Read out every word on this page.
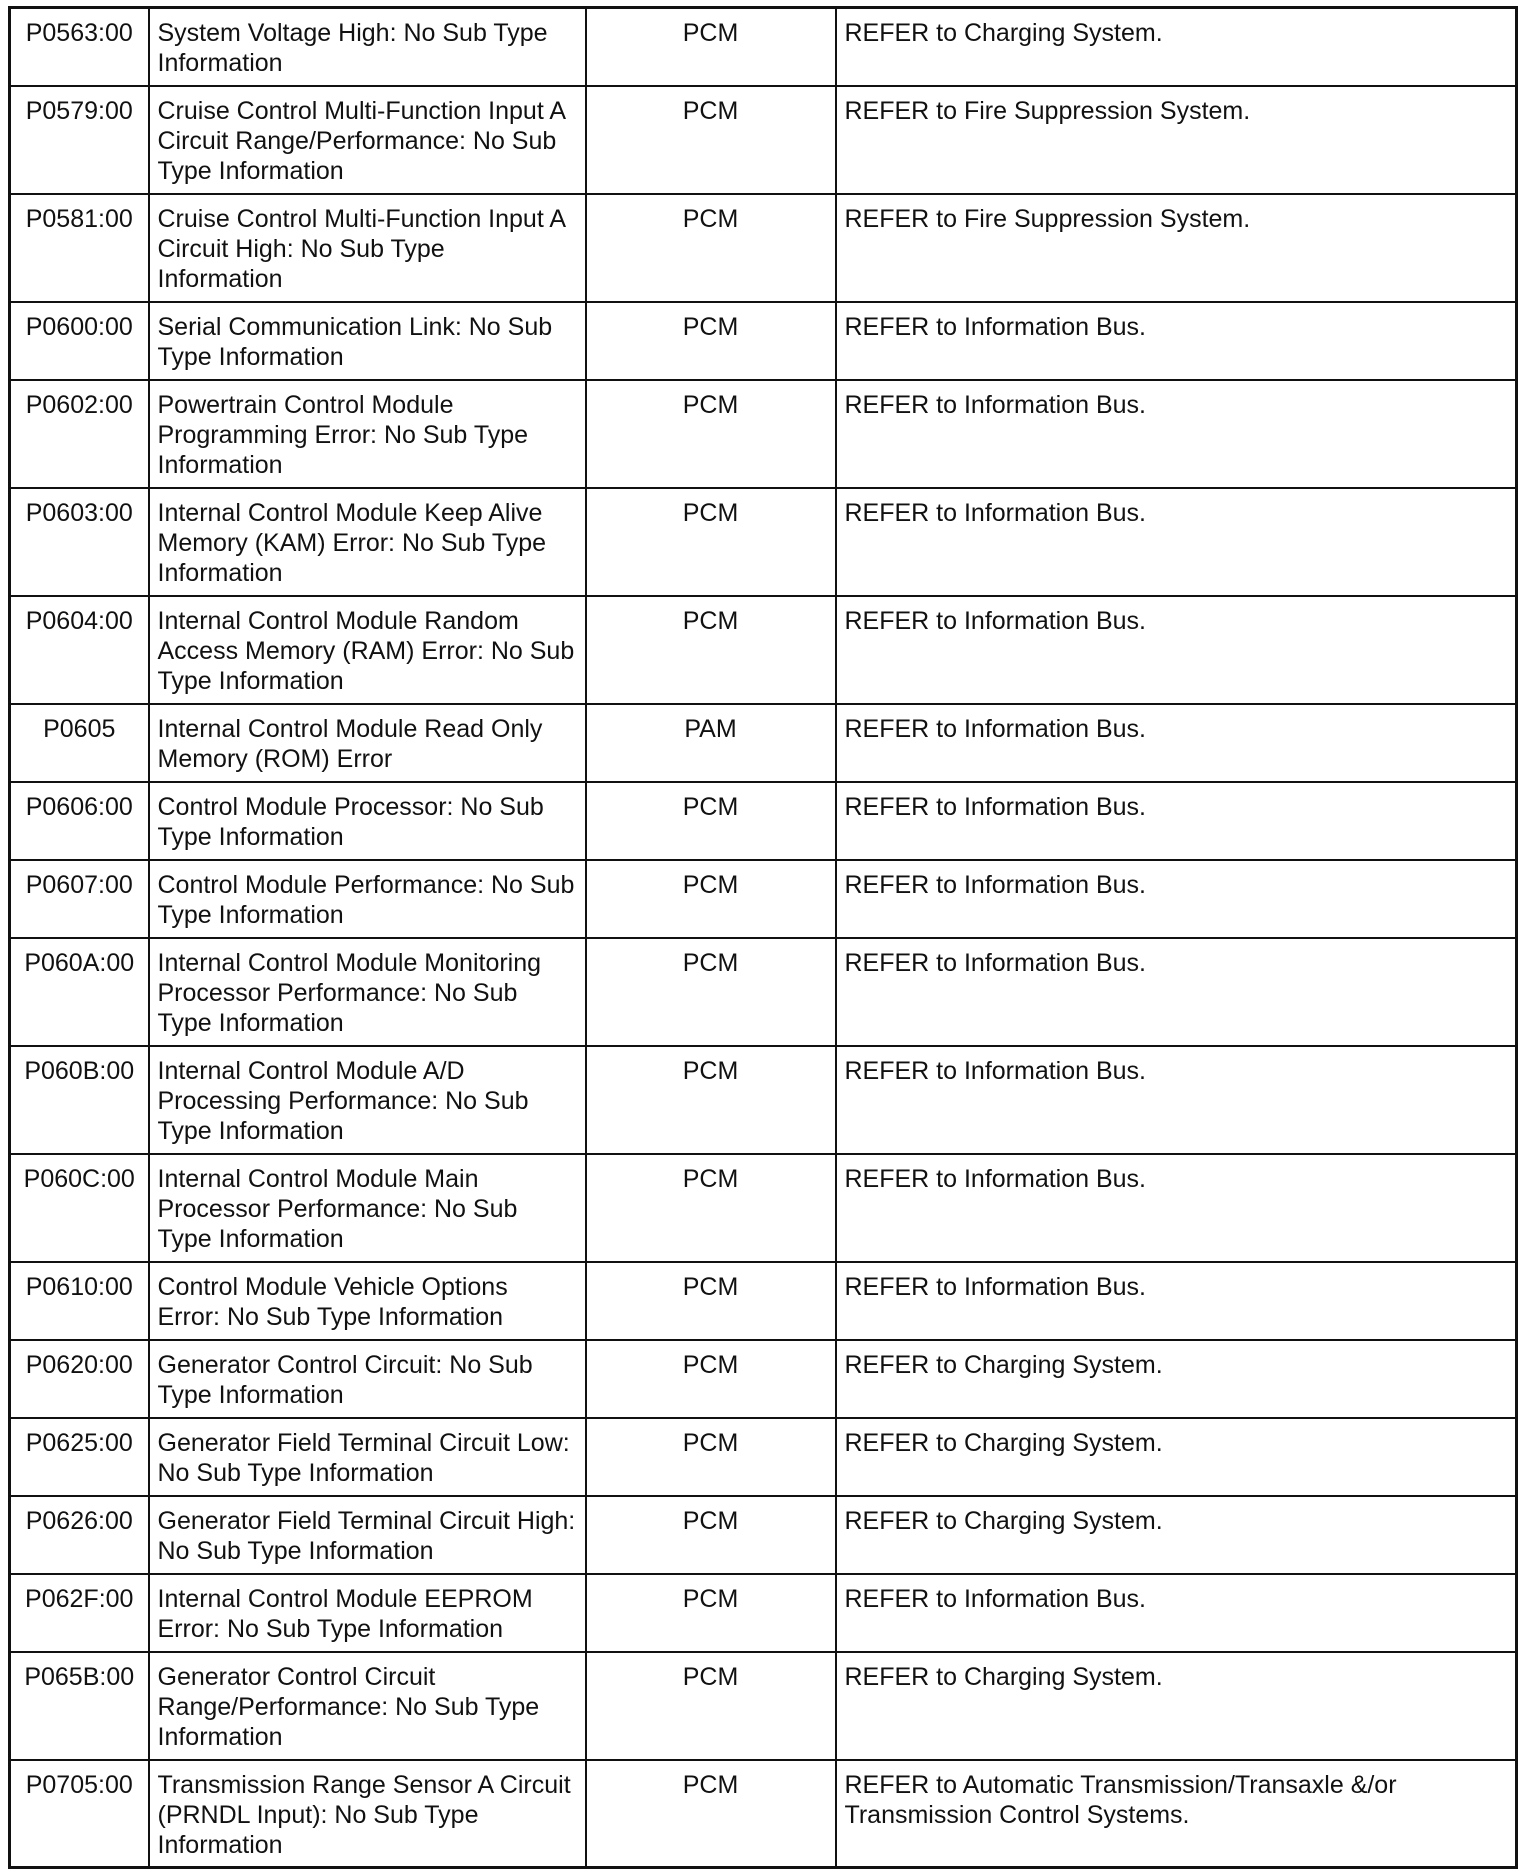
P0563:00	System Voltage High: No Sub Type Information	PCM	REFER to Charging System.
P0579:00	Cruise Control Multi-Function Input A Circuit Range/Performance: No Sub Type Information	PCM	REFER to Fire Suppression System.
P0581:00	Cruise Control Multi-Function Input A Circuit High: No Sub Type Information	PCM	REFER to Fire Suppression System.
P0600:00	Serial Communication Link: No Sub Type Information	PCM	REFER to Information Bus.
P0602:00	Powertrain Control Module Programming Error: No Sub Type Information	PCM	REFER to Information Bus.
P0603:00	Internal Control Module Keep Alive Memory (KAM) Error: No Sub Type Information	PCM	REFER to Information Bus.
P0604:00	Internal Control Module Random Access Memory (RAM) Error: No Sub Type Information	PCM	REFER to Information Bus.
P0605	Internal Control Module Read Only Memory (ROM) Error	PAM	REFER to Information Bus.
P0606:00	Control Module Processor: No Sub Type Information	PCM	REFER to Information Bus.
P0607:00	Control Module Performance: No Sub Type Information	PCM	REFER to Information Bus.
P060A:00	Internal Control Module Monitoring Processor Performance: No Sub Type Information	PCM	REFER to Information Bus.
P060B:00	Internal Control Module A/D Processing Performance: No Sub Type Information	PCM	REFER to Information Bus.
P060C:00	Internal Control Module Main Processor Performance: No Sub Type Information	PCM	REFER to Information Bus.
P0610:00	Control Module Vehicle Options Error: No Sub Type Information	PCM	REFER to Information Bus.
P0620:00	Generator Control Circuit: No Sub Type Information	PCM	REFER to Charging System.
P0625:00	Generator Field Terminal Circuit Low: No Sub Type Information	PCM	REFER to Charging System.
P0626:00	Generator Field Terminal Circuit High: No Sub Type Information	PCM	REFER to Charging System.
P062F:00	Internal Control Module EEPROM Error: No Sub Type Information	PCM	REFER to Information Bus.
P065B:00	Generator Control Circuit Range/Performance: No Sub Type Information	PCM	REFER to Charging System.
P0705:00	Transmission Range Sensor A Circuit (PRNDL Input): No Sub Type Information	PCM	REFER to Automatic Transmission/Transaxle &/or Transmission Control Systems.
